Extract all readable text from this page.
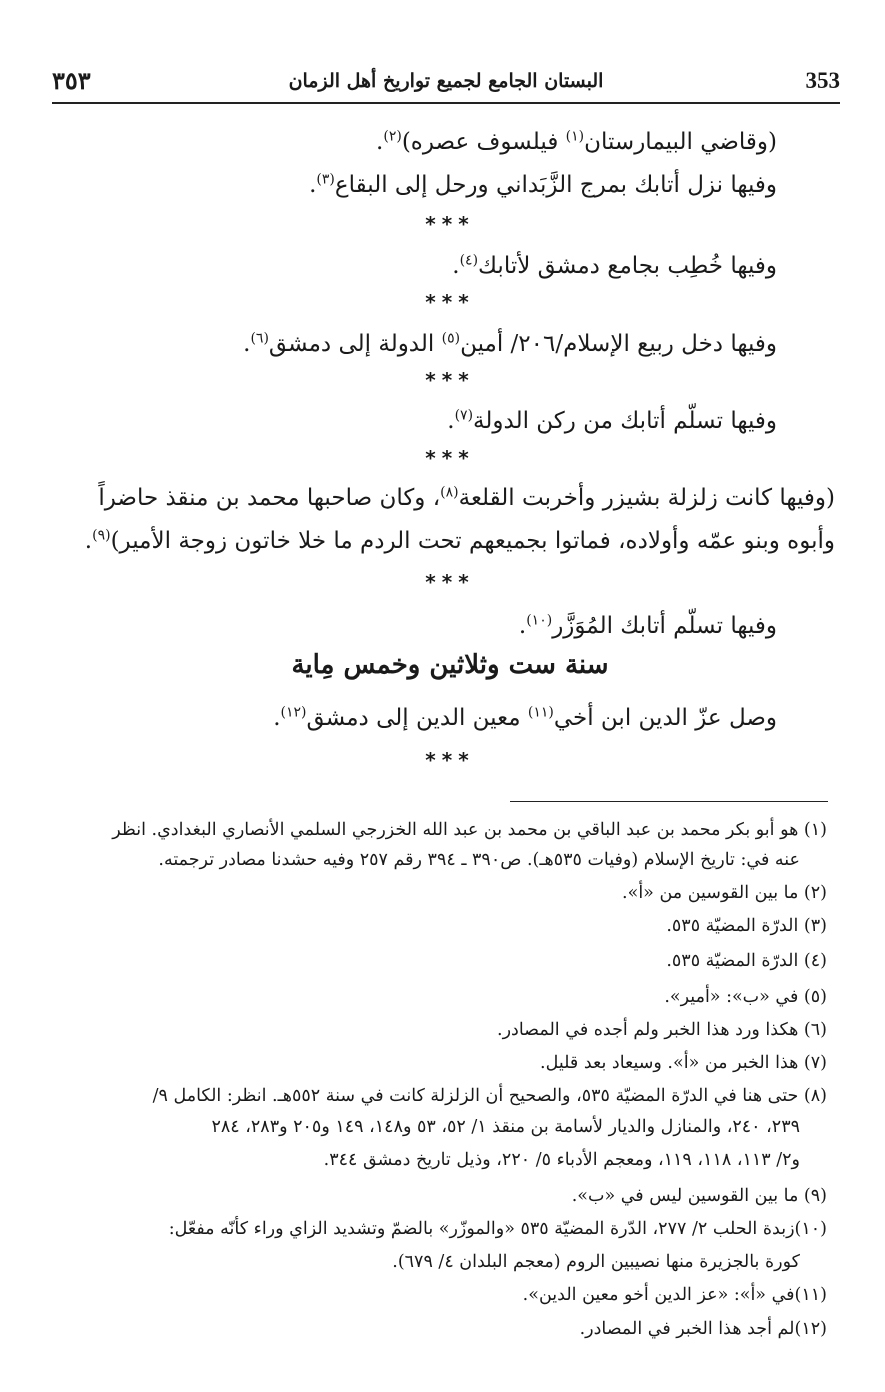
353
البستان الجامع لجميع تواريخ أهل الزمان
٣٥٣
(وقاضي البيمارستان$^{(١)}$ فيلسوف عصره)$^{(٢)}$.
وفيها نزل أتابك بمرج الزَّبَداني ورحل إلى البقاع$^{(٣)}$.
***
وفيها خُطِب بجامع دمشق لأتابك$^{(٤)}$.
***
وفيها دخل ربيع الإسلام/٢٠٦/ أمين$^{(٥)}$ الدولة إلى دمشق$^{(٦)}$.
***
وفيها تسلّم أتابك من ركن الدولة$^{(٧)}$.
***
(وفيها كانت زلزلة بشيزر وأخربت القلعة$^{(٨)}$، وكان صاحبها محمد بن منقذ حاضراً
وأبوه وبنو عمّه وأولاده، فماتوا بجميعهم تحت الردم ما خلا خاتون زوجة الأمير)$^{(٩)}$.
***
وفيها تسلّم أتابك المُوَزَّر$^{(١٠)}$.
سنة ست وثلاثين وخمس مِاية
وصل عزّ الدين ابن أخي$^{(١١)}$ معين الدين إلى دمشق$^{(١٢)}$.
***
(١) هو أبو بكر محمد بن عبد الباقي بن محمد بن عبد الله الخزرجي السلمي الأنصاري البغدادي. انظر
عنه في: تاريخ الإسلام (وفيات ٥٣٥هـ). ص٣٩٠ ـ ٣٩٤ رقم ٢٥٧ وفيه حشدنا مصادر ترجمته.
(٢) ما بين القوسين من «أ».
(٣) الدرّة المضيّة ٥٣٥.
(٤) الدرّة المضيّة ٥٣٥.
(٥) في «ب»: «أمير».
(٦) هكذا ورد هذا الخبر ولم أجده في المصادر.
(٧) هذا الخبر من «أ». وسيعاد بعد قليل.
(٨) حتى هنا في الدرّة المضيّة ٥٣٥، والصحيح أن الزلزلة كانت في سنة ٥٥٢هـ. انظر: الكامل ٩/
٢٣٩، ٢٤٠، والمنازل والديار لأسامة بن منقذ ١/ ٥٢، ٥٣ و١٤٨، ١٤٩ و٢٠٥ و٢٨٣، ٢٨٤
و٢/ ١١٣، ١١٨، ١١٩، ومعجم الأدباء ٥/ ٢٢٠، وذيل تاريخ دمشق ٣٤٤.
(٩) ما بين القوسين ليس في «ب».
(١٠)زبدة الحلب ٢/ ٢٧٧، الدّرة المضيّة ٥٣٥ «والموزّر» بالضمّ وتشديد الزاي وراء كأنّه مفعّل:
كورة بالجزيرة منها نصيبين الروم (معجم البلدان ٤/ ٦٧٩).
(١١)في «أ»: «عز الدين أخو معين الدين».
(١٢)لم أجد هذا الخبر في المصادر.
